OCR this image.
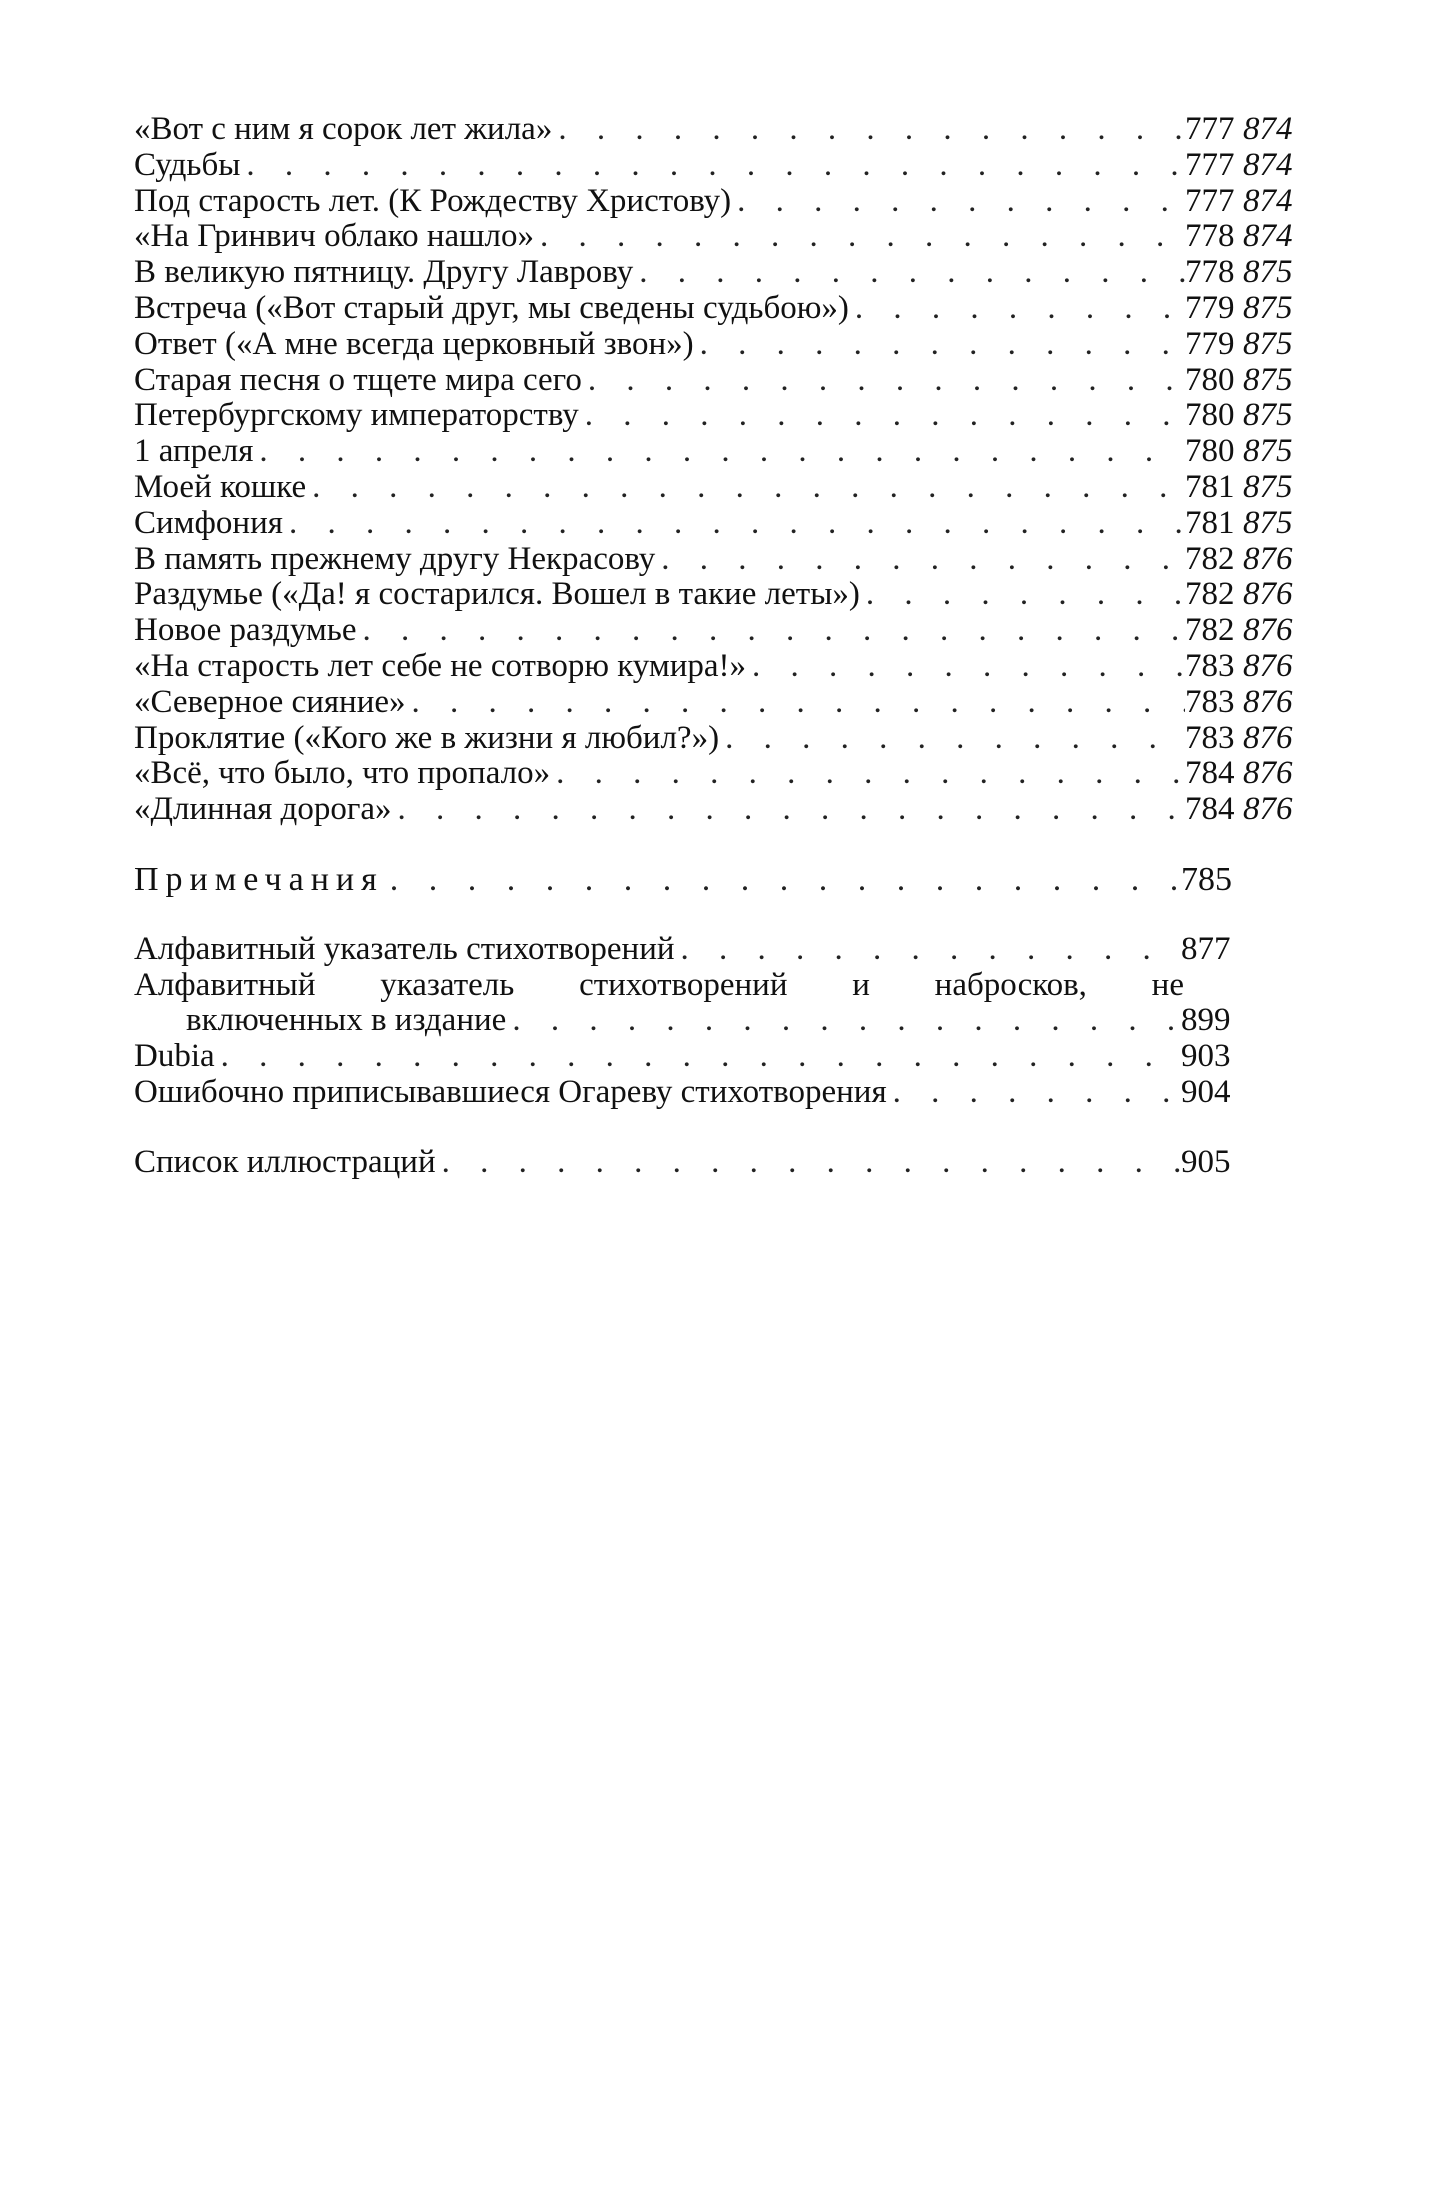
«Вот с ним я сорок лет жила» . . .	777 874
Судьбы . . .	777 874
Под старость лет. (К Рождеству Христову) . . .	777 874
«На Гринвич облако нашло» . . .	778 874
В великую пятницу. Другу Лаврову . . .	778 875
Встреча («Вот старый друг, мы сведены судьбою») . . .	779 875
Ответ («А мне всегда церковный звон») . . .	779 875
Старая песня о тщете мира сего . . .	780 875
Петербургскому императорству . . .	780 875
1 апреля . . .	780 875
Моей кошке . . .	781 875
Симфония . . .	781 875
В память прежнему другу Некрасову . . .	782 876
Раздумье («Да! я состарился. Вошел в такие леты») . . .	782 876
Новое раздумье . . .	782 876
«На старость лет себе не сотворю кумира!» . . .	783 876
«Северное сияние» . . .	783 876
Проклятие («Кого же в жизни я любил?») . . .	783 876
«Всё, что было, что пропало» . . .	784 876
«Длинная дорога» . . .	784 876
Примечания . . .	785
Алфавитный указатель стихотворений . . .	877
Алфавитный указатель стихотворений и набросков, не
включенных в издание . . .	899
Dubia . . .	903
Ошибочно приписывавшиеся Огареву стихотворения . . .	904
Список иллюстраций . . .	905
